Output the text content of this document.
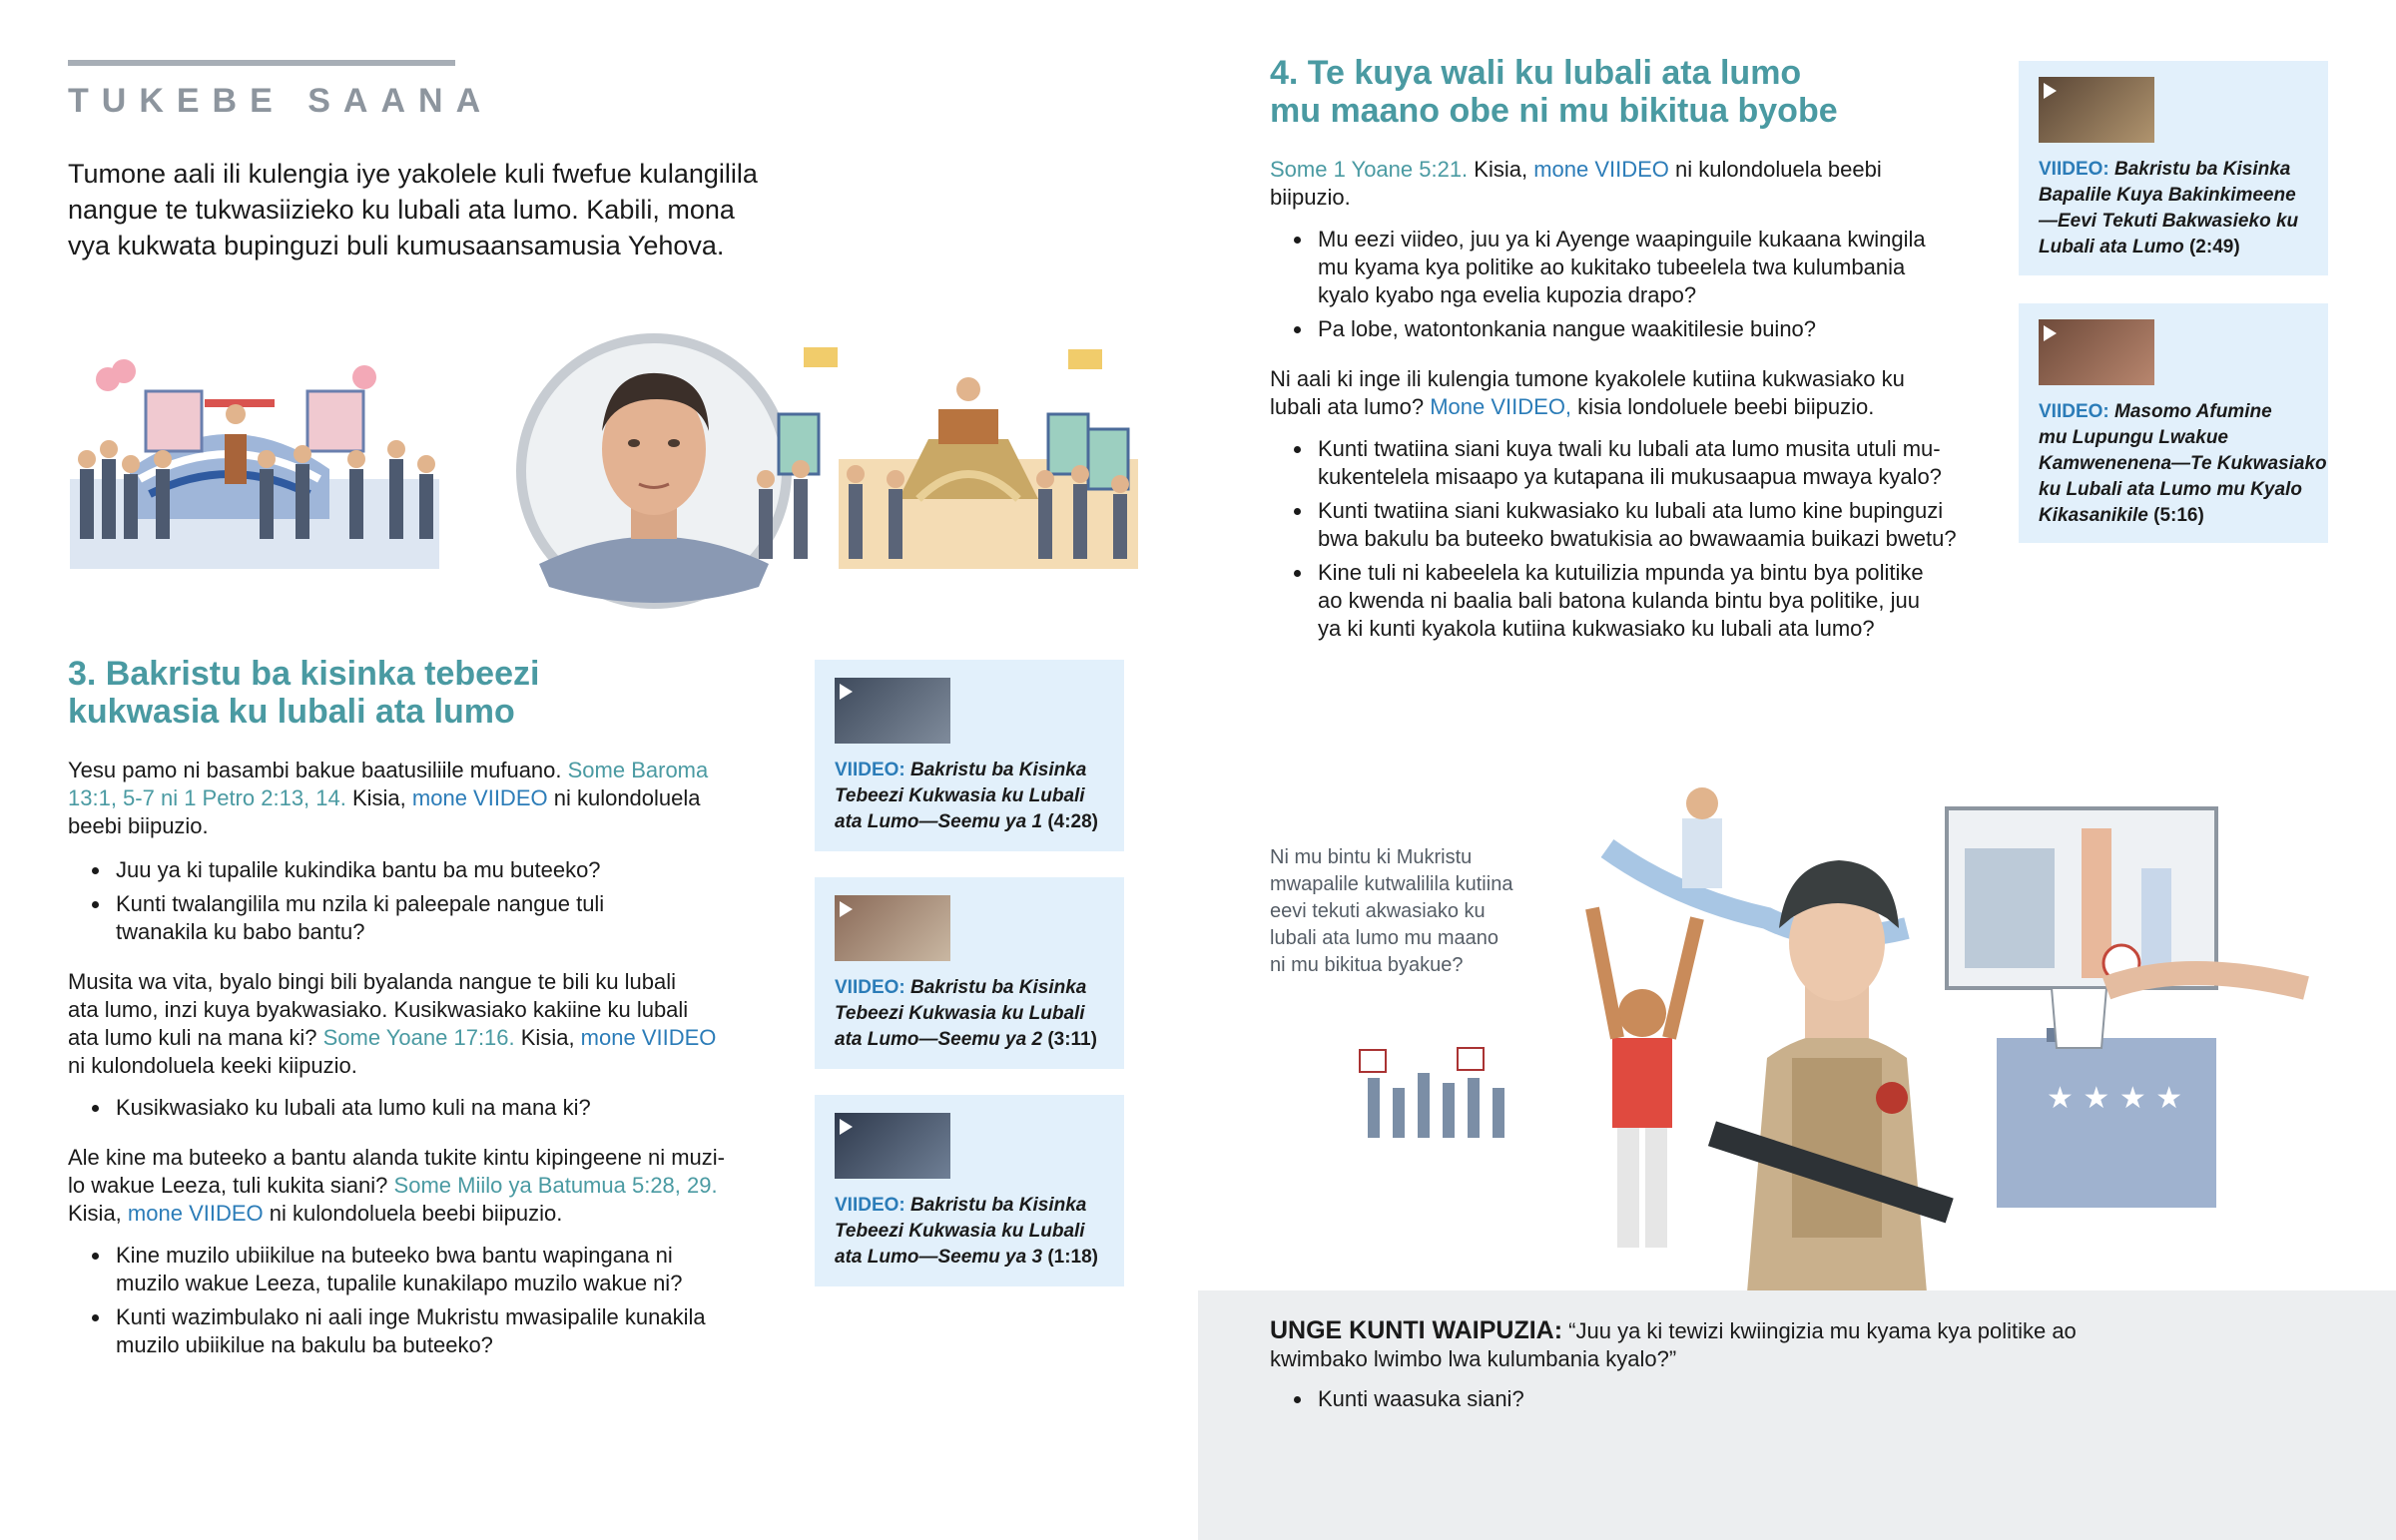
TUKEBE SAANA
Tumone aali ili kulengia iye yakolele kuli fwefue kulangilila
nangue te tukwasiizieko ku lubali ata lumo. Kabili, mona
vya kukwata bupinguzi buli kumusaansamusia Yehova.
3. Bakristu ba kisinka tebeezi
kukwasia ku lubali ata lumo
Yesu pamo ni basambi bakue baatusiliile mufuano. Some Baroma
13:1, 5-7 ni 1 Petro 2:13, 14. Kisia, mone VIIDEO ni kulondoluela
beebi biipuzio.
Juu ya ki tupalile kukindika bantu ba mu buteeko?
Kunti twalangilila mu nzila ki paleepale nangue tuli
twanakila ku babo bantu?
Musita wa vita, byalo bingi bili byalanda nangue te bili ku lubali
ata lumo, inzi kuya byakwasiako. Kusikwasiako kakiine ku lubali
ata lumo kuli na mana ki? Some Yoane 17:16. Kisia, mone VIIDEO
ni kulondoluela keeki kiipuzio.
Kusikwasiako ku lubali ata lumo kuli na mana ki?
Ale kine ma buteeko a bantu alanda tukite kintu kipingeene ni muzi-
lo wakue Leeza, tuli kukita siani? Some Miilo ya Batumua 5:28, 29.
Kisia, mone VIIDEO ni kulondoluela beebi biipuzio.
Kine muzilo ubiikilue na buteeko bwa bantu wapingana ni
muzilo wakue Leeza, tupalile kunakilapo muzilo wakue ni?
Kunti wazimbulako ni aali inge Mukristu mwasipalile kunakila
muzilo ubiikilue na bakulu ba buteeko?
VIIDEO: Bakristu ba Kisinka
Tebeezi Kukwasia ku Lubali
ata Lumo—Seemu ya 1 (4:28)
VIIDEO: Bakristu ba Kisinka
Tebeezi Kukwasia ku Lubali
ata Lumo—Seemu ya 2 (3:11)
VIIDEO: Bakristu ba Kisinka
Tebeezi Kukwasia ku Lubali
ata Lumo—Seemu ya 3 (1:18)
4. Te kuya wali ku lubali ata lumo
mu maano obe ni mu bikitua byobe
Some 1 Yoane 5:21. Kisia, mone VIIDEO ni kulondoluela beebi
biipuzio.
Mu eezi viideo, juu ya ki Ayenge waapinguile kukaana kwingila
mu kyama kya politike ao kukitako tubeelela twa kulumbania
kyalo kyabo nga evelia kupozia drapo?
Pa lobe, watontonkania nangue waakitilesie buino?
Ni aali ki inge ili kulengia tumone kyakolele kutiina kukwasiako ku
lubali ata lumo? Mone VIIDEO, kisia londoluele beebi biipuzio.
Kunti twatiina siani kuya twali ku lubali ata lumo musita utuli mu-
kukentelela misaapo ya kutapana ili mukusaapua mwaya kyalo?
Kunti twatiina siani kukwasiako ku lubali ata lumo kine bupinguzi
bwa bakulu ba buteeko bwatukisia ao bwawaamia buikazi bwetu?
Kine tuli ni kabeelela ka kutuilizia mpunda ya bintu bya politike
ao kwenda ni baalia bali batona kulanda bintu bya politike, juu
ya ki kunti kyakola kutiina kukwasiako ku lubali ata lumo?
VIIDEO: Bakristu ba Kisinka
Bapalile Kuya Bakinkimeene
—Eevi Tekuti Bakwasieko ku
Lubali ata Lumo (2:49)
VIIDEO: Masomo Afumine
mu Lupungu Lwakue
Kamwenenena—Te Kukwasiako
ku Lubali ata Lumo mu Kyalo
Kikasanikile (5:16)
Ni mu bintu ki Mukristu
mwapalile kutwalilila kutiina
eevi tekuti akwasiako ku
lubali ata lumo mu maano
ni mu bikitua byakue?
★ ★ ★ ★
UNGE KUNTI WAIPUZIA: “Juu ya ki tewizi kwiingizia mu kyama kya politike ao
kwimbako lwimbo lwa kulumbania kyalo?”
Kunti waasuka siani?
